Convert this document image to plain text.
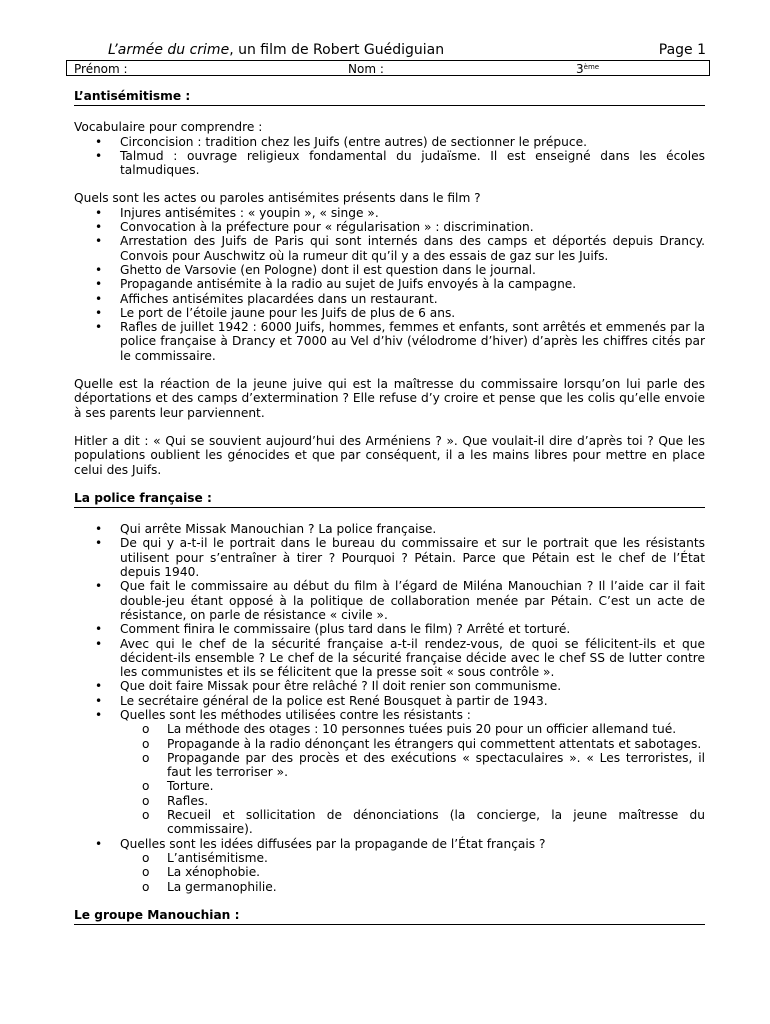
L’armée du crime, un film de Robert Guédiguian	Page 1
Prénom :	Nom :	3ème
L’antisémitisme :

Vocabulaire pour comprendre :

• Circoncision : tradition chez les Juifs (entre autres) de sectionner le prépuce.
• Talmud : ouvrage religieux fondamental du judaïsme. Il est enseigné dans les écoles talmudiques.

Quels sont les actes ou paroles antisémites présents dans le film ?

• Injures antisémites : « youpin », « singe ».
• Convocation à la préfecture pour « régularisation » : discrimination.
• Arrestation des Juifs de Paris qui sont internés dans des camps et déportés depuis Drancy. Convois pour Auschwitz où la rumeur dit qu’il y a des essais de gaz sur les Juifs.
• Ghetto de Varsovie (en Pologne) dont il est question dans le journal.
• Propagande antisémite à la radio au sujet de Juifs envoyés à la campagne.
• Affiches antisémites placardées dans un restaurant.
• Le port de l’étoile jaune pour les Juifs de plus de 6 ans.
• Rafles de juillet 1942 : 6000 Juifs, hommes, femmes et enfants, sont arrêtés et emmenés par la police française à Drancy et 7000 au Vel d’hiv (vélodrome d’hiver) d’après les chiffres cités par le commissaire.

Quelle est la réaction de la jeune juive qui est la maîtresse du commissaire lorsqu’on lui parle des déportations et des camps d’extermination ? Elle refuse d’y croire et pense que les colis qu’elle envoie à ses parents leur parviennent.

Hitler a dit : « Qui se souvient aujourd’hui des Arméniens ? ». Que voulait-il dire d’après toi ? Que les populations oublient les génocides et que par conséquent, il a les mains libres pour mettre en place celui des Juifs.

La police française :
• Qui arrête Missak Manouchian ? La police française.
• De qui y a-t-il le portrait dans le bureau du commissaire et sur le portrait que les résistants utilisent pour s’entraîner à tirer ? Pourquoi ? Pétain. Parce que Pétain est le chef de l’État depuis 1940.
• Que fait le commissaire au début du film à l’égard de Miléna Manouchian ? Il l’aide car il fait double-jeu étant opposé à la politique de collaboration menée par Pétain. C’est un acte de résistance, on parle de résistance « civile ».
• Comment finira le commissaire (plus tard dans le film) ? Arrêté et torturé.
• Avec qui le chef de la sécurité française a-t-il rendez-vous, de quoi se félicitent-ils et que décident-ils ensemble ? Le chef de la sécurité française décide avec le chef SS de lutter contre les communistes et ils se félicitent que la presse soit « sous contrôle ».
• Que doit faire Missak pour être relâché ? Il doit renier son communisme.
• Le secrétaire général de la police est René Bousquet à partir de 1943.
• Quelles sont les méthodes utilisées contre les résistants :
o La méthode des otages : 10 personnes tuées puis 20 pour un officier allemand tué.
o Propagande à la radio dénonçant les étrangers qui commettent attentats et sabotages.
o Propagande par des procès et des exécutions « spectaculaires ». « Les terroristes, il faut les terroriser ».
o Torture.
o Rafles.
o Recueil et sollicitation de dénonciations (la concierge, la jeune maîtresse du commissaire).
• Quelles sont les idées diffusées par la propagande de l’État français ?
o L’antisémitisme.
o La xénophobie.
o La germanophilie.
Le groupe Manouchian :
